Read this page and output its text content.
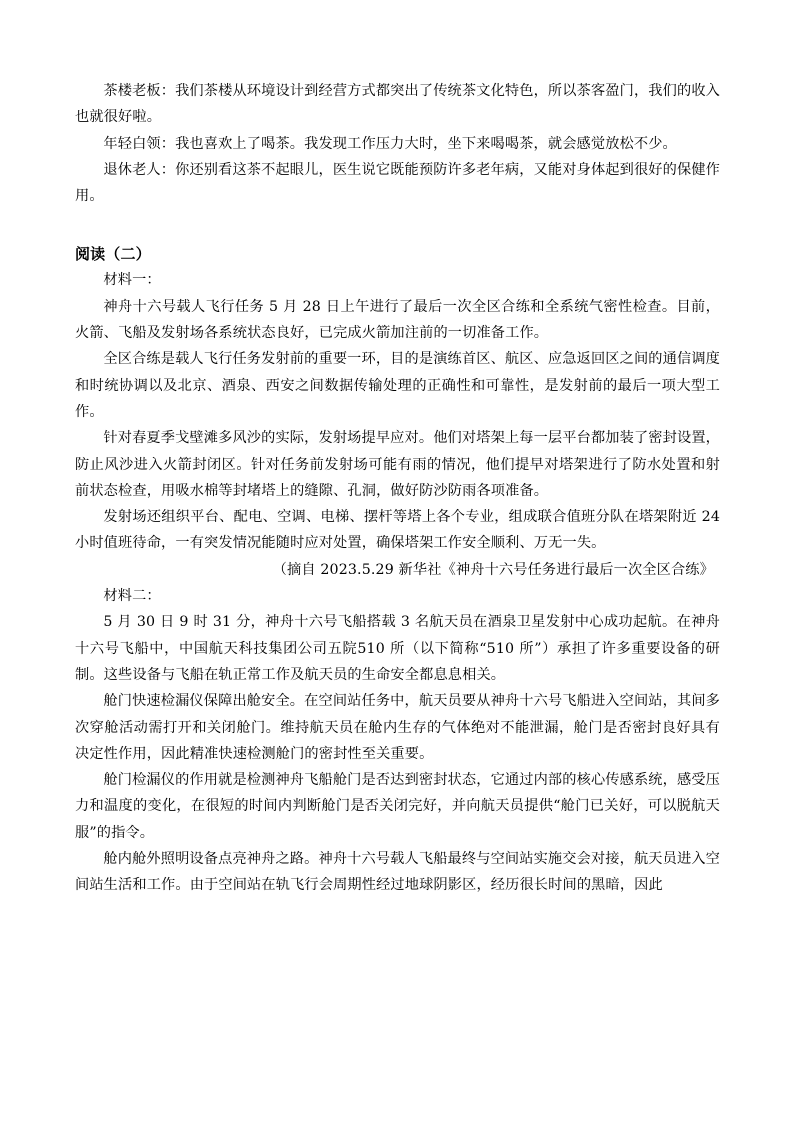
茶楼老板：我们茶楼从环境设计到经营方式都突出了传统茶文化特色，所以茶客盈门，我们的收入也就很好啦。

年轻白领：我也喜欢上了喝茶。我发现工作压力大时，坐下来喝喝茶，就会感觉放松不少。

退休老人：你还别看这茶不起眼儿，医生说它既能预防许多老年病，又能对身体起到很好的保健作用。

阅读（二）

材料一：

神舟十六号载人飞行任务 5 月 28 日上午进行了最后一次全区合练和全系统气密性检查。目前，火箭、飞船及发射场各系统状态良好，已完成火箭加注前的一切准备工作。

全区合练是载人飞行任务发射前的重要一环，目的是演练首区、航区、应急返回区之间的通信调度和时统协调以及北京、酒泉、西安之间数据传输处理的正确性和可靠性，是发射前的最后一项大型工作。

针对春夏季戈壁滩多风沙的实际，发射场提早应对。他们对塔架上每一层平台都加装了密封设置，防止风沙进入火箭封闭区。针对任务前发射场可能有雨的情况，他们提早对塔架进行了防水处置和射前状态检查，用吸水棉等封堵塔上的缝隙、孔洞，做好防沙防雨各项准备。

发射场还组织平台、配电、空调、电梯、摆杆等塔上各个专业，组成联合值班分队在塔架附近 24 小时值班待命，一有突发情况能随时应对处置，确保塔架工作安全顺利、万无一失。

（摘自 2023.5.29 新华社《神舟十六号任务进行最后一次全区合练》

材料二：

5 月 30 日 9 时 31 分，神舟十六号飞船搭载 3 名航天员在酒泉卫星发射中心成功起航。在神舟十六号飞船中，中国航天科技集团公司五院510 所（以下简称“510 所”）承担了许多重要设备的研制。这些设备与飞船在轨正常工作及航天员的生命安全都息息相关。

舱门快速检漏仪保障出舱安全。在空间站任务中，航天员要从神舟十六号飞船进入空间站，其间多次穿舱活动需打开和关闭舱门。维持航天员在舱内生存的气体绝对不能泄漏，舱门是否密封良好具有决定性作用，因此精准快速检测舱门的密封性至关重要。

舱门检漏仪的作用就是检测神舟飞船舱门是否达到密封状态，它通过内部的核心传感系统，感受压力和温度的变化，在很短的时间内判断舱门是否关闭完好，并向航天员提供“舱门已关好，可以脱航天服”的指令。

舱内舱外照明设备点亮神舟之路。神舟十六号载人飞船最终与空间站实施交会对接，航天员进入空间站生活和工作。由于空间站在轨飞行会周期性经过地球阴影区，经历很长时间的黑暗，因此
